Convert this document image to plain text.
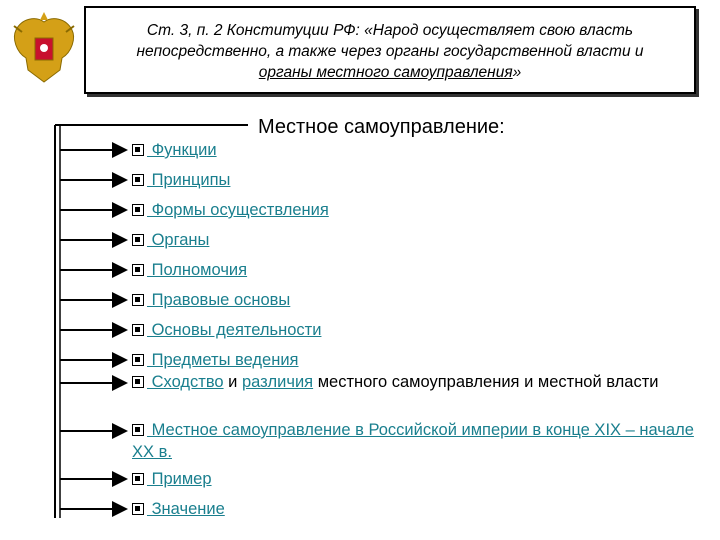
Ст. 3, п. 2 Конституции РФ: «Народ осуществляет свою власть
непосредственно, а также через органы государственной власти и
органы местного самоуправления»
Местное самоуправление:
Функции
Принципы
Формы осуществления
Органы
Полномочия
Правовые основы
Основы деятельности
Предметы ведения
Сходство и различия местного самоуправления и местной власти
Местное самоуправление в Российской империи в конце XIX – начале XX в.
Пример
Значение
